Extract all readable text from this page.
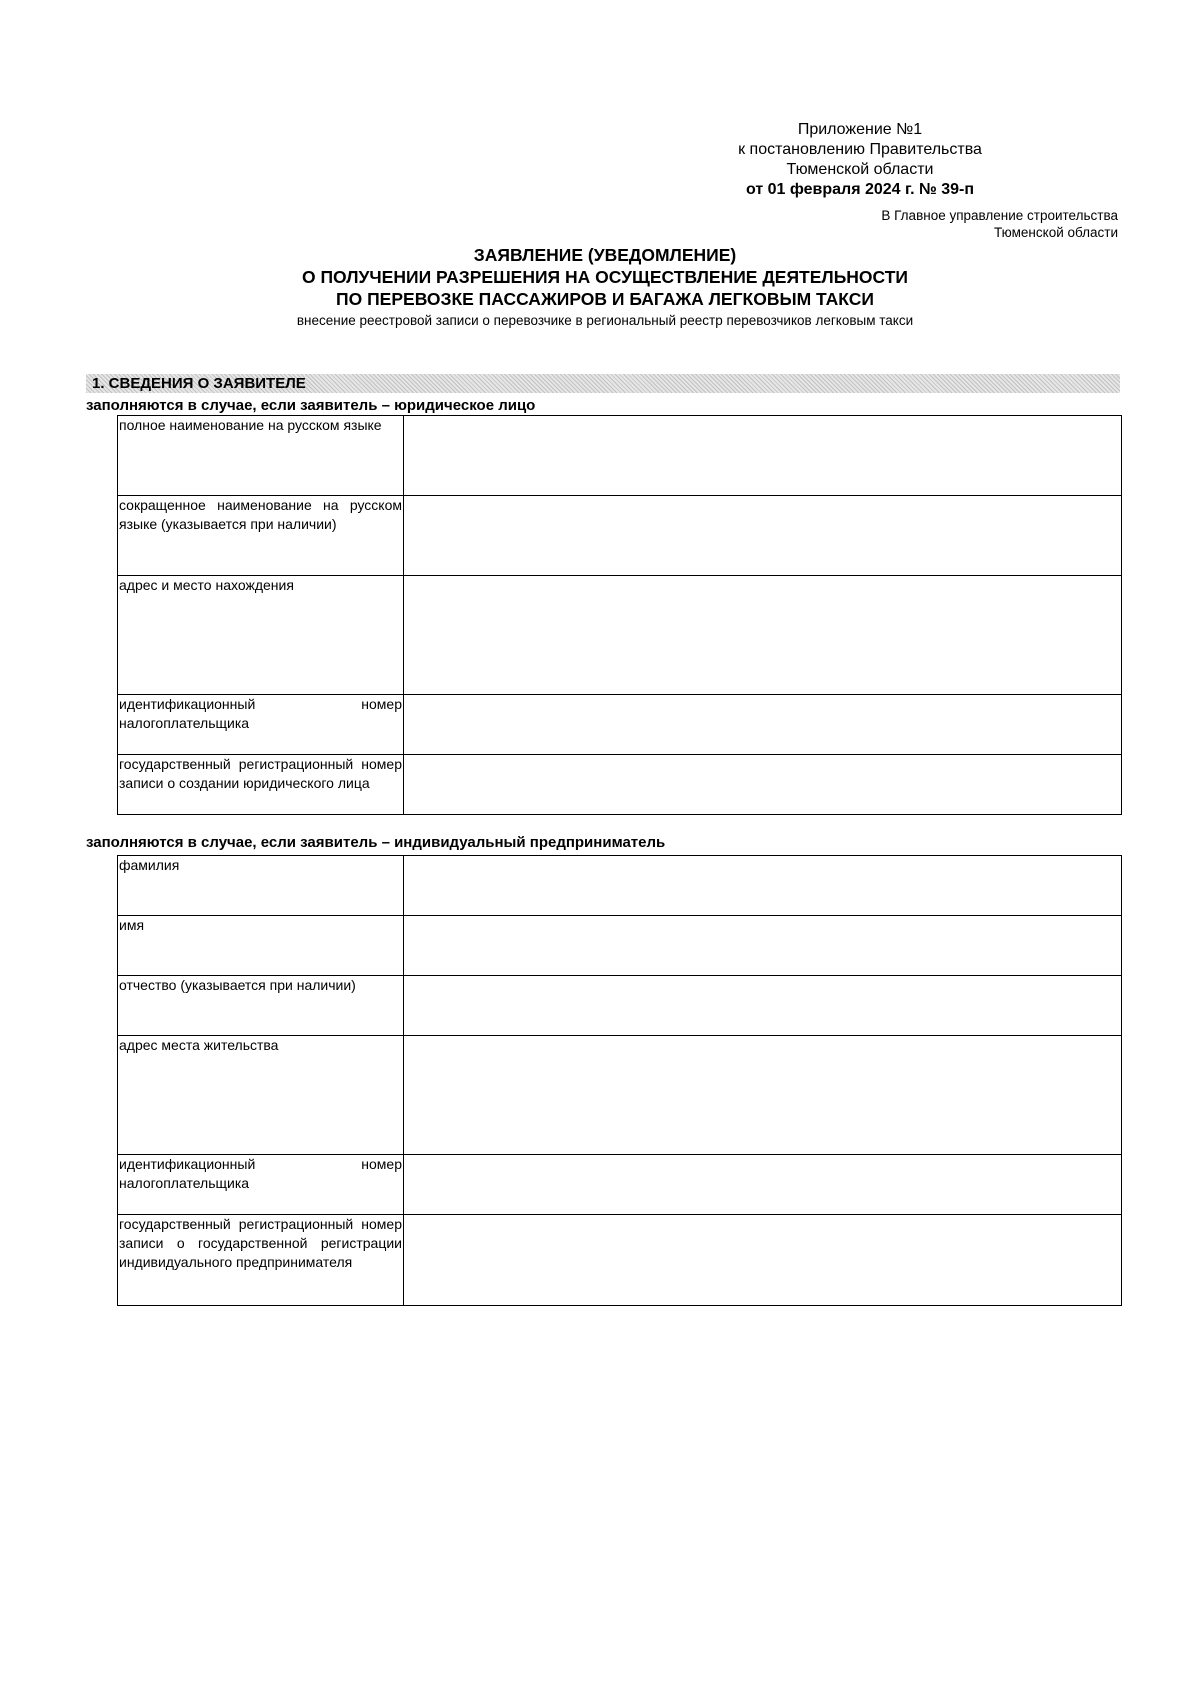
Приложение №1
к постановлению Правительства
Тюменской области
от 01 февраля 2024 г. № 39-п
В Главное управление строительства
Тюменской области
ЗАЯВЛЕНИЕ (УВЕДОМЛЕНИЕ)
О ПОЛУЧЕНИИ РАЗРЕШЕНИЯ НА ОСУЩЕСТВЛЕНИЕ ДЕЯТЕЛЬНОСТИ
ПО ПЕРЕВОЗКЕ ПАССАЖИРОВ И БАГАЖА ЛЕГКОВЫМ ТАКСИ
внесение реестровой записи о перевозчике в региональный реестр перевозчиков легковым такси
1. СВЕДЕНИЯ О ЗАЯВИТЕЛЕ
заполняются в случае, если заявитель – юридическое лицо
полное наименование на русском языке	
сокращенное наименование на русском языке (указывается при наличии)	
адрес и место нахождения	
идентификационный номер налогоплательщика	
государственный регистрационный номер записи о создании юридического лица	
заполняются в случае, если заявитель – индивидуальный предприниматель
фамилия	
имя	
отчество (указывается при наличии)	
адрес места жительства	
идентификационный номер налогоплательщика	
государственный регистрационный номер записи о государственной регистрации индивидуального предпринимателя	
